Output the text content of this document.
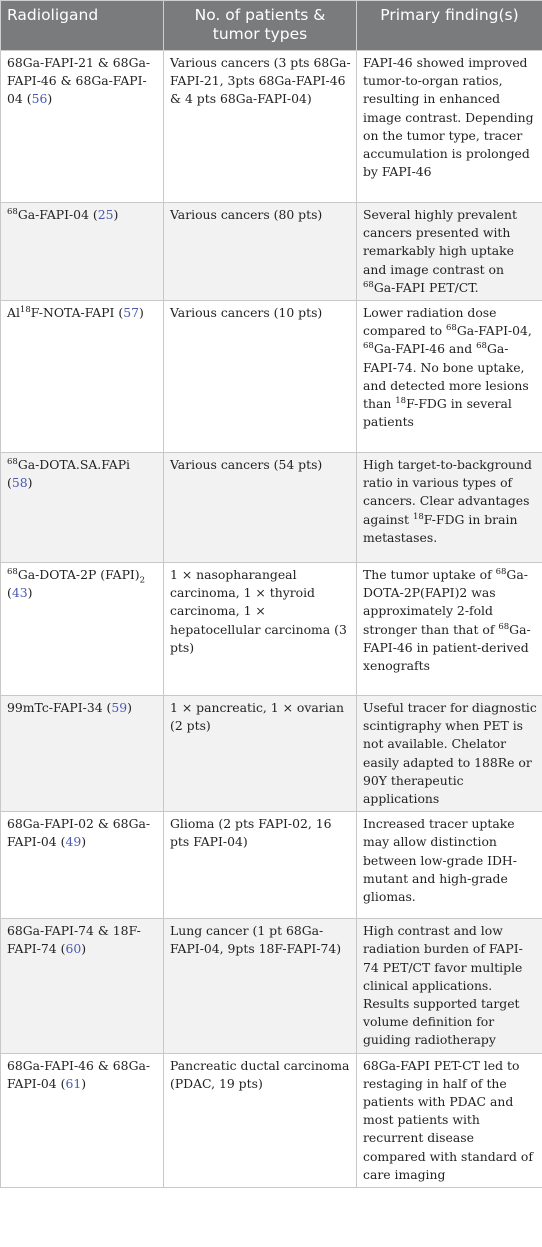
Radioligand	No. of patients & tumor types	Primary finding(s)
68Ga-FAPI-21 & 68Ga-FAPI-46 & 68Ga-FAPI-04 (56)	Various cancers (3 pts 68Ga-FAPI-21, 3pts 68Ga-FAPI-46 & 4 pts 68Ga-FAPI-04)	FAPI-46 showed improved tumor-to-organ ratios, resulting in enhanced image contrast. Depending on the tumor type, tracer accumulation is prolonged by FAPI-46
$^{68}$Ga-FAPI-04 (25)	Various cancers (80 pts)	Several highly prevalent cancers presented with remarkably high uptake and image contrast on $^{68}$Ga-FAPI PET/CT.
Al$^{18}$F-NOTA-FAPI (57)	Various cancers (10 pts)	Lower radiation dose compared to $^{68}$Ga-FAPI-04, $^{68}$Ga-FAPI-46 and $^{68}$Ga-FAPI-74. No bone uptake, and detected more lesions than $^{18}$F-FDG in several patients
$^{68}$Ga-DOTA.SA.FAPi (58)	Various cancers (54 pts)	High target-to-background ratio in various types of cancers. Clear advantages against $^{18}$F-FDG in brain metastases.
$^{68}$Ga-DOTA-2P $(FAPI)_2$ (43)	1 × nasopharangeal carcinoma, 1 × thyroid carcinoma, 1 × hepatocellular carcinoma (3 pts)	The tumor uptake of $^{68}$Ga-DOTA-2P(FAPI)2 was approximately 2-fold stronger than that of $^{68}$Ga-FAPI-46 in patient-derived xenografts
99mTc-FAPI-34 (59)	1 × pancreatic, 1 × ovarian (2 pts)	Useful tracer for diagnostic scintigraphy when PET is not available. Chelator easily adapted to 188Re or 90Y therapeutic applications
68Ga-FAPI-02 & 68Ga-FAPI-04 (49)	Glioma (2 pts FAPI-02, 16 pts FAPI-04)	Increased tracer uptake may allow distinction between low-grade IDH-mutant and high-grade gliomas.
68Ga-FAPI-74 & 18F-FAPI-74 (60)	Lung cancer (1 pt 68Ga-FAPI-04, 9pts 18F-FAPI-74)	High contrast and low radiation burden of FAPI-74 PET/CT favor multiple clinical applications. Results supported target volume definition for guiding radiotherapy
68Ga-FAPI-46 & 68Ga-FAPI-04 (61)	Pancreatic ductal carcinoma (PDAC, 19 pts)	68Ga-FAPI PET-CT led to restaging in half of the patients with PDAC and most patients with recurrent disease compared with standard of care imaging
